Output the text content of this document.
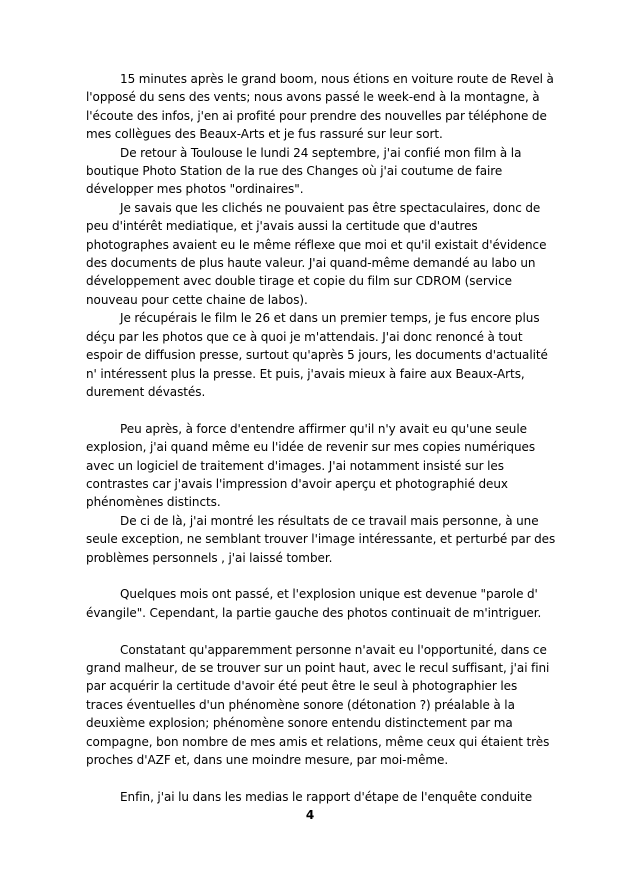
15 minutes après le grand boom, nous étions en voiture route de Revel à l'opposé du sens des vents; nous avons passé le week-end à la montagne, à l'écoute des infos, j'en ai profité pour prendre des nouvelles par téléphone de mes collègues des Beaux-Arts et je fus rassuré sur leur sort.

De retour à Toulouse le lundi 24 septembre, j'ai confié mon film à la boutique Photo Station de la rue des Changes où j'ai coutume de faire développer mes photos "ordinaires".

Je savais que les clichés ne pouvaient pas être spectaculaires, donc de peu d'intérêt mediatique, et j'avais aussi la certitude que d'autres photographes avaient eu le même réflexe que moi et qu'il existait d'évidence des documents de plus haute valeur. J'ai quand-même demandé au labo un développement avec double tirage et copie du film sur CDROM (service nouveau pour cette chaine de labos).

Je récupérais le film le 26 et dans un premier temps, je fus encore plus déçu par les photos que ce à quoi je m'attendais. J'ai donc renoncé à tout espoir de diffusion presse, surtout qu'après 5 jours, les documents d'actualité n' intéressent plus la presse. Et puis, j'avais mieux à faire aux Beaux-Arts, durement dévastés.

Peu après, à force d'entendre affirmer qu'il n'y avait eu qu'une seule explosion, j'ai quand même eu l'idée de revenir sur mes copies numériques avec un logiciel de traitement d'images. J'ai notamment insisté sur les contrastes car j'avais l'impression d'avoir aperçu et photographié deux phénomènes distincts.

De ci de là, j'ai montré les résultats de ce travail mais personne, à une seule exception, ne semblant trouver l'image intéressante, et perturbé par des problèmes personnels , j'ai laissé tomber.

Quelques mois ont passé, et l'explosion unique est devenue "parole d' évangile". Cependant, la partie gauche des photos continuait de m'intriguer.

Constatant qu'apparemment personne n'avait eu l'opportunité, dans ce grand malheur, de se trouver sur un point haut, avec le recul suffisant, j'ai fini par acquérir la certitude d'avoir été peut être le seul à photographier les traces éventuelles d'un phénomène sonore (détonation ?) préalable à la deuxième explosion; phénomène sonore entendu distinctement par ma compagne, bon nombre de mes amis et relations, même ceux qui étaient très proches d'AZF et, dans une moindre mesure, par moi-même.

Enfin, j'ai lu dans les medias le rapport d'étape de l'enquête conduite

4
